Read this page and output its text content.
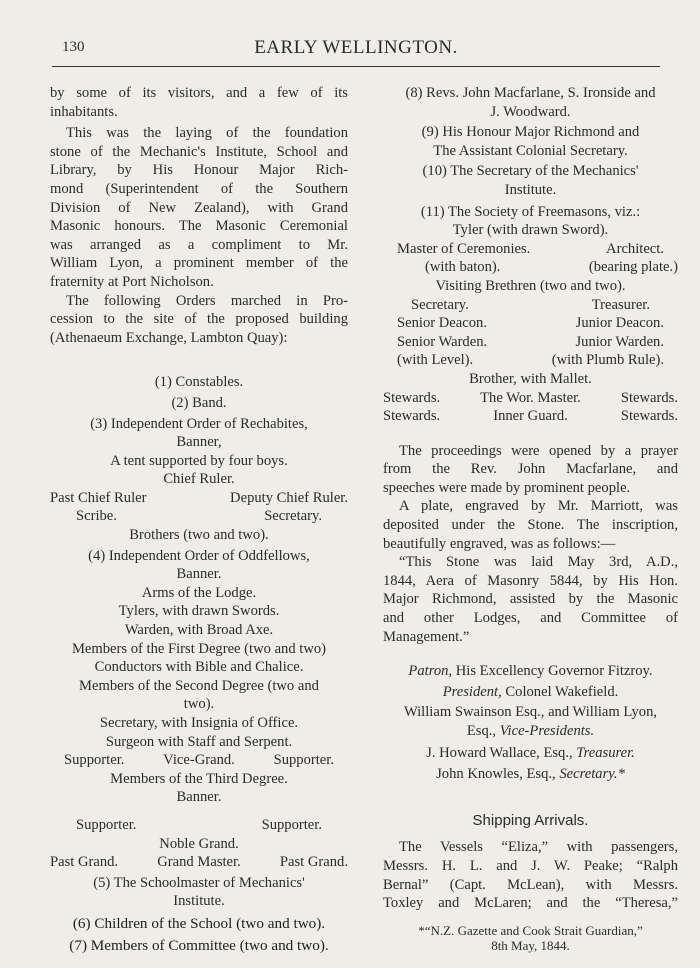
130	EARLY WELLINGTON.

by some of its visitors, and a few of its

inhabitants.

This was the laying of the foundation

stone of the Mechanic's Institute, School and

Library, by His Honour Major Rich-

mond (Superintendent of the Southern

Division of New Zealand), with Grand

Masonic honours. The Masonic Ceremonial

was arranged as a compliment to Mr.

William Lyon, a prominent member of the

fraternity at Port Nicholson.

The following Orders marched in Pro-

cession to the site of the proposed building

(Athenaeum Exchange, Lambton Quay):

(1) Constables.

(2) Band.

(3) Independent Order of Rechabites,

Banner,

A tent supported by four boys.

Chief Ruler.

Past Chief Ruler	Deputy Chief Ruler.
Scribe.	Secretary.

Brothers (two and two).

(4) Independent Order of Oddfellows,

Banner.

Arms of the Lodge.

Tylers, with drawn Swords.

Warden, with Broad Axe.

Members of the First Degree (two and two)

Conductors with Bible and Chalice.

Members of the Second Degree (two and

two).

Secretary, with Insignia of Office.

Surgeon with Staff and Serpent.

Supporter.	Vice-Grand.	Supporter.

Members of the Third Degree.

Banner.

Supporter.	Supporter.

Noble Grand.

Past Grand.	Grand Master.	Past Grand.

(5) The Schoolmaster of Mechanics'

Institute.

(6) Children of the School (two and two).

(7) Members of Committee (two and two).

(8) Revs. John Macfarlane, S. Ironside and

J. Woodward.

(9) His Honour Major Richmond and

The Assistant Colonial Secretary.

(10) The Secretary of the Mechanics'

Institute.

(11) The Society of Freemasons, viz.:

Tyler (with drawn Sword).

Master of Ceremonies.	Architect.
(with baton).	(bearing plate.)

Visiting Brethren (two and two).

Secretary.	Treasurer.
Senior Deacon.	Junior Deacon.
Senior Warden.	Junior Warden.
(with Level).	(with Plumb Rule).

Brother, with Mallet.

Stewards.	The Wor. Master.	Stewards.
Stewards.	Inner Guard.	Stewards.

The proceedings were opened by a prayer

from the Rev. John Macfarlane, and

speeches were made by prominent people.

A plate, engraved by Mr. Marriott, was

deposited under the Stone. The inscription,

beautifully engraved, was as follows:—

“This Stone was laid May 3rd, A.D.,

1844, Aera of Masonry 5844, by His Hon.

Major Richmond, assisted by the Masonic

and other Lodges, and Committee of

Management.”

Patron, His Excellency Governor Fitzroy.

President, Colonel Wakefield.

William Swainson Esq., and William Lyon,

Esq., Vice-Presidents.

J. Howard Wallace, Esq., Treasurer.

John Knowles, Esq., Secretary.*

Shipping Arrivals.

The Vessels “Eliza,” with passengers,

Messrs. H. L. and J. W. Peake; “Ralph

Bernal” (Capt. McLean), with Messrs.

Toxley and McLaren; and the “Theresa,”

*“N.Z. Gazette and Cook Strait Guardian,”

8th May, 1844.
